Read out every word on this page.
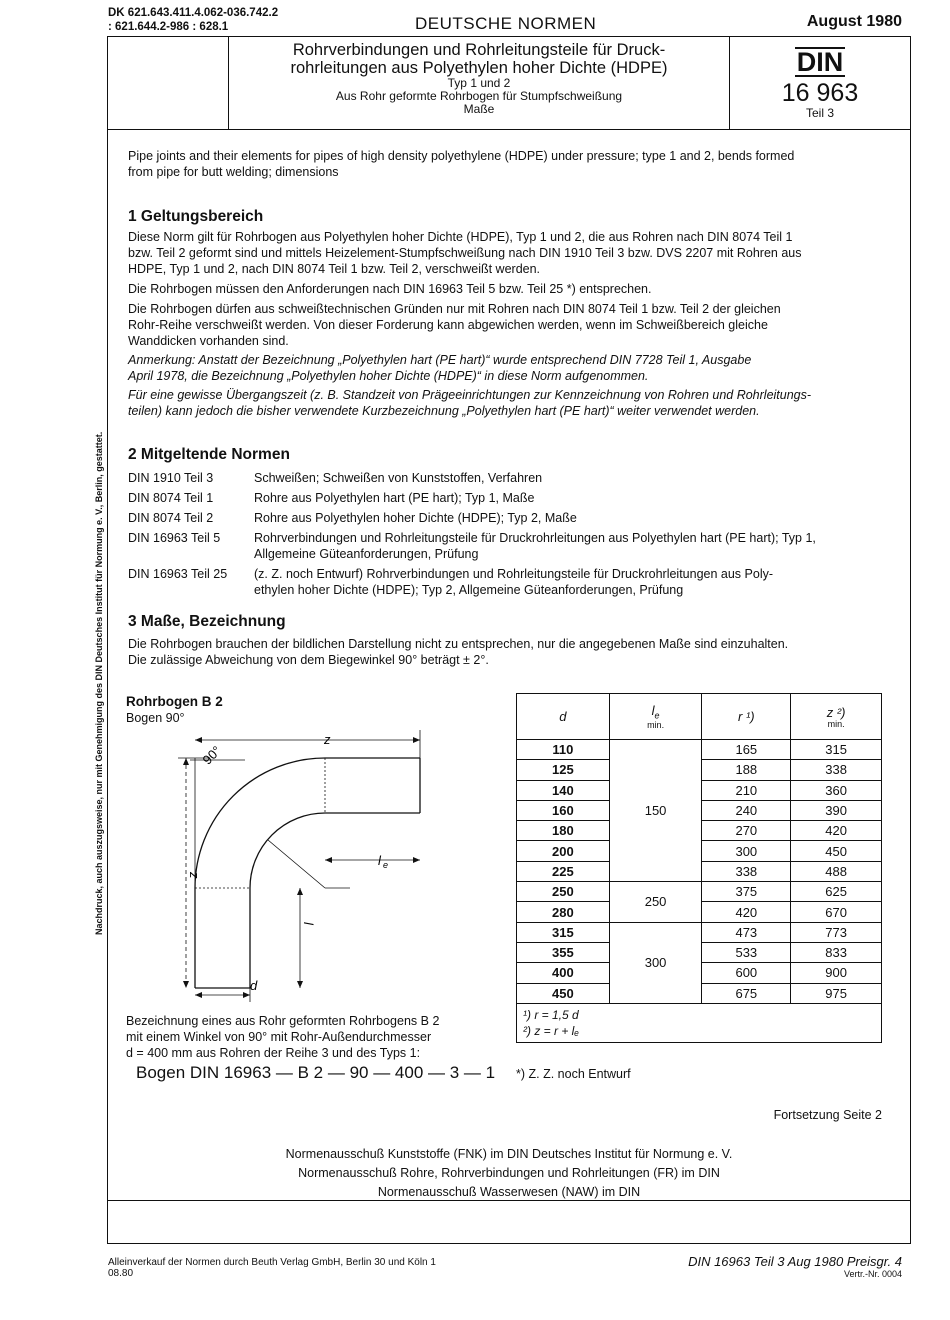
DK 621.643.411.4.062-036.742.2
: 621.644.2-986 : 628.1	DEUTSCHE NORMEN	August 1980
Rohrverbindungen und Rohrleitungsteile für Druck-
rohrleitungen aus Polyethylen hoher Dichte (HDPE)
Typ 1 und 2
Aus Rohr geformte Rohrbogen für Stumpfschweißung
Maße
DIN
16 963
Teil 3
Nachdruck, auch auszugsweise, nur mit Genehmigung des DIN Deutsches Institut für Normung e. V., Berlin, gestattet.
Pipe joints and their elements for pipes of high density polyethylene (HDPE) under pressure; type 1 and 2, bends formed
from pipe for butt welding; dimensions
1 Geltungsbereich
Diese Norm gilt für Rohrbogen aus Polyethylen hoher Dichte (HDPE), Typ 1 und 2, die aus Rohren nach DIN 8074 Teil 1
bzw. Teil 2 geformt sind und mittels Heizelement-Stumpfschweißung nach DIN 1910 Teil 3 bzw. DVS 2207 mit Rohren aus
HDPE, Typ 1 und 2, nach DIN 8074 Teil 1 bzw. Teil 2, verschweißt werden.
Die Rohrbogen müssen den Anforderungen nach DIN 16963 Teil 5 bzw. Teil 25 *) entsprechen.
Die Rohrbogen dürfen aus schweißtechnischen Gründen nur mit Rohren nach DIN 8074 Teil 1 bzw. Teil 2 der gleichen
Rohr-Reihe verschweißt werden. Von dieser Forderung kann abgewichen werden, wenn im Schweißbereich gleiche
Wanddicken vorhanden sind.
Anmerkung: Anstatt der Bezeichnung „Polyethylen hart (PE hart)“ wurde entsprechend DIN 7728 Teil 1, Ausgabe
April 1978, die Bezeichnung „Polyethylen hoher Dichte (HDPE)“ in diese Norm aufgenommen.
Für eine gewisse Übergangszeit (z. B. Standzeit von Prägeeinrichtungen zur Kennzeichnung von Rohren und Rohrleitungs-
teilen) kann jedoch die bisher verwendete Kurzbezeichnung „Polyethylen hart (PE hart)“ weiter verwendet werden.
2 Mitgeltende Normen
DIN 1910 Teil 3	Schweißen; Schweißen von Kunststoffen, Verfahren
DIN 8074 Teil 1	Rohre aus Polyethylen hart (PE hart); Typ 1, Maße
DIN 8074 Teil 2	Rohre aus Polyethylen hoher Dichte (HDPE); Typ 2, Maße
DIN 16963 Teil 5	Rohrverbindungen und Rohrleitungsteile für Druckrohrleitungen aus Polyethylen hart (PE hart); Typ 1,
Allgemeine Güteanforderungen, Prüfung
DIN 16963 Teil 25	(z. Z. noch Entwurf) Rohrverbindungen und Rohrleitungsteile für Druckrohrleitungen aus Poly-
ethylen hoher Dichte (HDPE); Typ 2, Allgemeine Güteanforderungen, Prüfung
3 Maße, Bezeichnung
Die Rohrbogen brauchen der bildlichen Darstellung nicht zu entsprechen, nur die angegebenen Maße sind einzuhalten.
Die zulässige Abweichung von dem Biegewinkel 90° beträgt ± 2°.
Rohrbogen B 2
Bogen 90°
90°
z
z
l e
l
d
d	$l_e$
min.	r ¹)	z ²)
min.

110	150	165	315
125		188	338
140		210	360
160		240	390
180		270	420
200		300	450
225		338	488
250	250	375	625
280		420	670
315	300	473	773
355		533	833
400		600	900
450		675	975

¹) r = 1,5 d
²) z = r + lₑ			
Bezeichnung eines aus Rohr geformten Rohrbogens B 2
mit einem Winkel von 90° mit Rohr-Außendurchmesser
d = 400 mm aus Rohren der Reihe 3 und des Typs 1:
Bogen DIN 16963 — B 2 — 90 — 400 — 3 — 1 *) Z. Z. noch Entwurf
Fortsetzung Seite 2
Normenausschuß Kunststoffe (FNK) im DIN Deutsches Institut für Normung e. V.
Normenausschuß Rohre, Rohrverbindungen und Rohrleitungen (FR) im DIN
Normenausschuß Wasserwesen (NAW) im DIN
Alleinverkauf der Normen durch Beuth Verlag GmbH, Berlin 30 und Köln 1
08.80
DIN 16963 Teil 3 Aug 1980 Preisgr. 4
Vertr.-Nr. 0004
